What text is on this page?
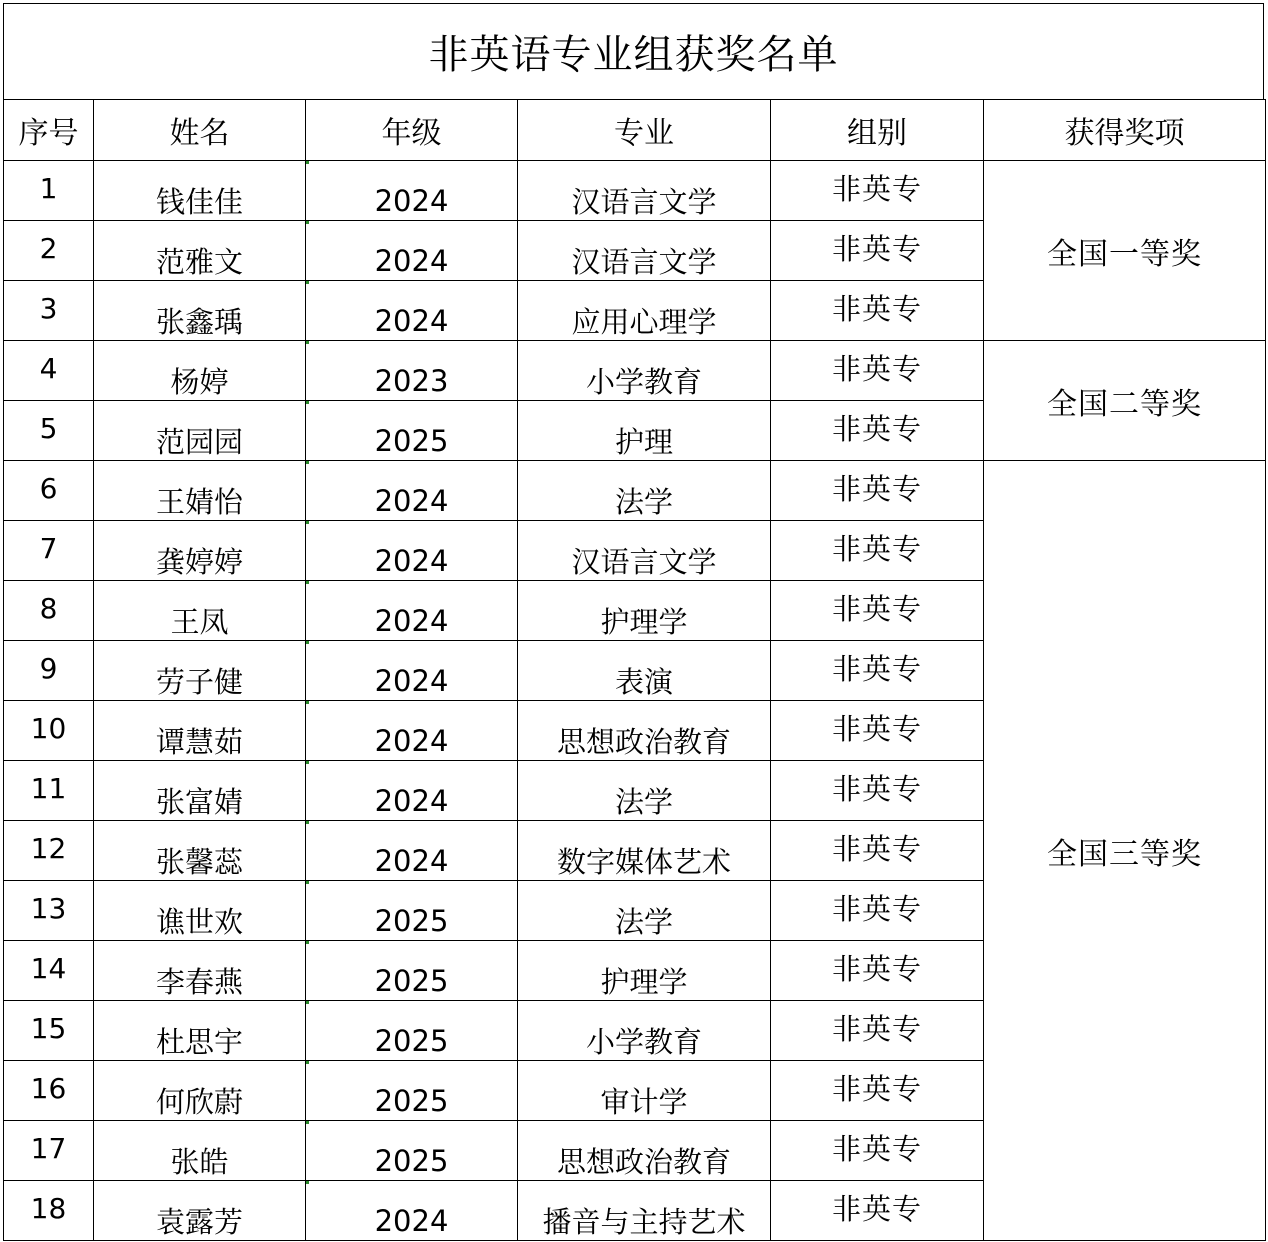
非英语专业组获奖名单
序号	姓名	年级	专业	组别	获得奖项
1	钱佳佳	2024	汉语言文学	非英专	全国一等奖
2	范雅文	2024	汉语言文学	非英专	
3	张鑫瑀	2024	应用心理学	非英专	
4	杨婷	2023	小学教育	非英专	全国二等奖
5	范园园	2025	护理	非英专	
6	王婧怡	2024	法学	非英专	全国三等奖
7	龚婷婷	2024	汉语言文学	非英专	
8	王凤	2024	护理学	非英专	
9	劳子健	2024	表演	非英专	
10	谭慧茹	2024	思想政治教育	非英专	
11	张富婧	2024	法学	非英专	
12	张馨蕊	2024	数字媒体艺术	非英专	
13	谯世欢	2025	法学	非英专	
14	李春燕	2025	护理学	非英专	
15	杜思宇	2025	小学教育	非英专	
16	何欣蔚	2025	审计学	非英专	
17	张皓	2025	思想政治教育	非英专	
18	袁露芳	2024	播音与主持艺术	非英专	
